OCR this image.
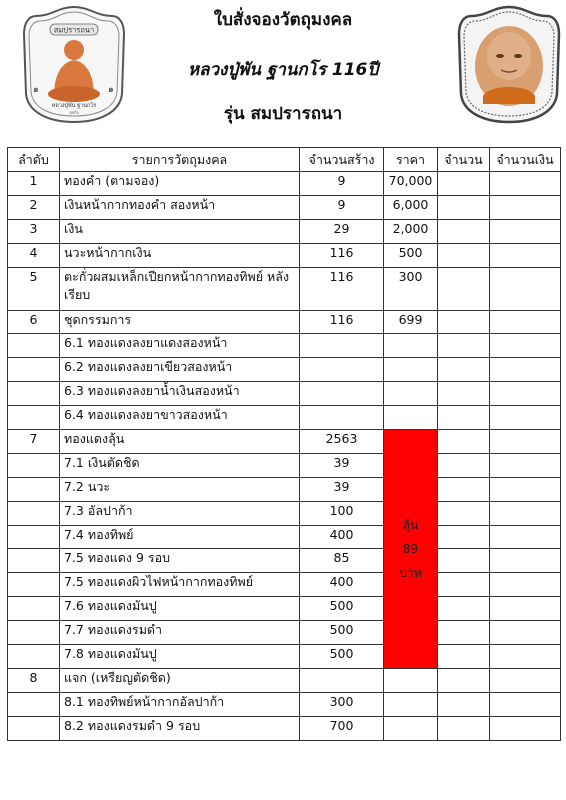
สมปรารถนา
๑	๑
หลวงปู่พัน ฐานกโร
สุขใจ
ใบสั่งจองวัตถุมงคล
หลวงปู่พัน ฐานกโร 116ปี
รุ่น สมปรารถนา
ลำดับ	รายการวัตถุมงคล	จำนวนสร้าง	ราคา	จำนวน	จำนวนเงิน
1	ทองคำ (ตามจอง)	9	70,000		
2	เงินหน้ากากทองคำ สองหน้า	9	6,000		
3	เงิน	29	2,000		
4	นวะหน้ากากเงิน	116	500		
5	ตะกั่วผสมเหล็กเปียกหน้ากากทองทิพย์ หลังเรียบ	116	300		
6	ชุดกรรมการ	116	699		
	6.1 ทองแดงลงยาแดงสองหน้า				
	6.2 ทองแดงลงยาเขียวสองหน้า				
	6.3 ทองแดงลงยาน้ำเงินสองหน้า				
	6.4 ทองแดงลงยาขาวสองหน้า				
7	ทองแดงลุ้น	2563	ลุ้น
89
บาท		

	7.1 เงินตัดชิด	39			
	7.2 นวะ	39			
	7.3 อัลปาก้า	100			
	7.4 ทองทิพย์	400			
	7.5 ทองแดง 9 รอบ	85			
	7.5 ทองแดงผิวไฟหน้ากากทองทิพย์	400			
	7.6 ทองแดงมันปู	500			
	7.7 ทองแดงรมดำ	500			
	7.8 ทองแดงมันปู	500			
8	แจก (เหรียญตัดชิด)				
	8.1 ทองทิพย์หน้ากากอัลปาก้า	300			
	8.2 ทองแดงรมดำ 9 รอบ	700			
